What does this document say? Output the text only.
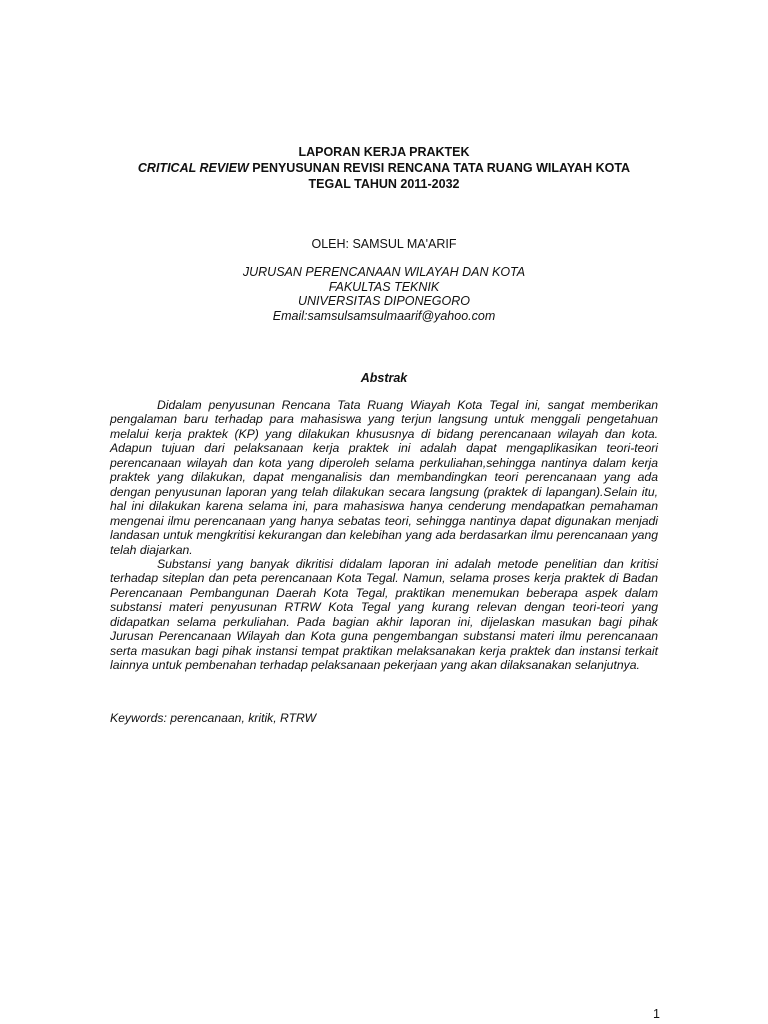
LAPORAN KERJA PRAKTEK
CRITICAL REVIEW PENYUSUNAN REVISI RENCANA TATA RUANG WILAYAH KOTA
TEGAL TAHUN 2011-2032
OLEH: SAMSUL MA'ARIF
JURUSAN PERENCANAAN WILAYAH DAN KOTA
FAKULTAS TEKNIK
UNIVERSITAS DIPONEGORO
Email:samsulsamsulmaarif@yahoo.com
Abstrak

Didalam penyusunan Rencana Tata Ruang Wiayah Kota Tegal ini, sangat memberikan pengalaman baru terhadap para mahasiswa yang terjun langsung untuk menggali pengetahuan melalui kerja praktek (KP) yang dilakukan khususnya di bidang perencanaan wilayah dan kota. Adapun tujuan dari pelaksanaan kerja praktek ini adalah dapat mengaplikasikan teori-teori perencanaan wilayah dan kota yang diperoleh selama perkuliahan,sehingga nantinya dalam kerja praktek yang dilakukan, dapat menganalisis dan membandingkan teori perencanaan yang ada dengan penyusunan laporan yang telah dilakukan secara langsung (praktek di lapangan).Selain itu, hal ini dilakukan karena selama ini, para mahasiswa hanya cenderung mendapatkan pemahaman mengenai ilmu perencanaan yang hanya sebatas teori, sehingga nantinya dapat digunakan menjadi landasan untuk mengkritisi kekurangan dan kelebihan yang ada berdasarkan ilmu perencanaan yang telah diajarkan.

Substansi yang banyak dikritisi didalam laporan ini adalah metode penelitian dan kritisi terhadap siteplan dan peta perencanaan Kota Tegal. Namun, selama proses kerja praktek di Badan Perencanaan Pembangunan Daerah Kota Tegal, praktikan menemukan beberapa aspek dalam substansi materi penyusunan RTRW Kota Tegal yang kurang relevan dengan teori-teori yang didapatkan selama perkuliahan. Pada bagian akhir laporan ini, dijelaskan masukan bagi pihak Jurusan Perencanaan Wilayah dan Kota guna pengembangan substansi materi ilmu perencanaan serta masukan bagi pihak instansi tempat praktikan melaksanakan kerja praktek dan instansi terkait lainnya untuk pembenahan terhadap pelaksanaan pekerjaan yang akan dilaksanakan selanjutnya.

Keywords: perencanaan, kritik, RTRW
1
